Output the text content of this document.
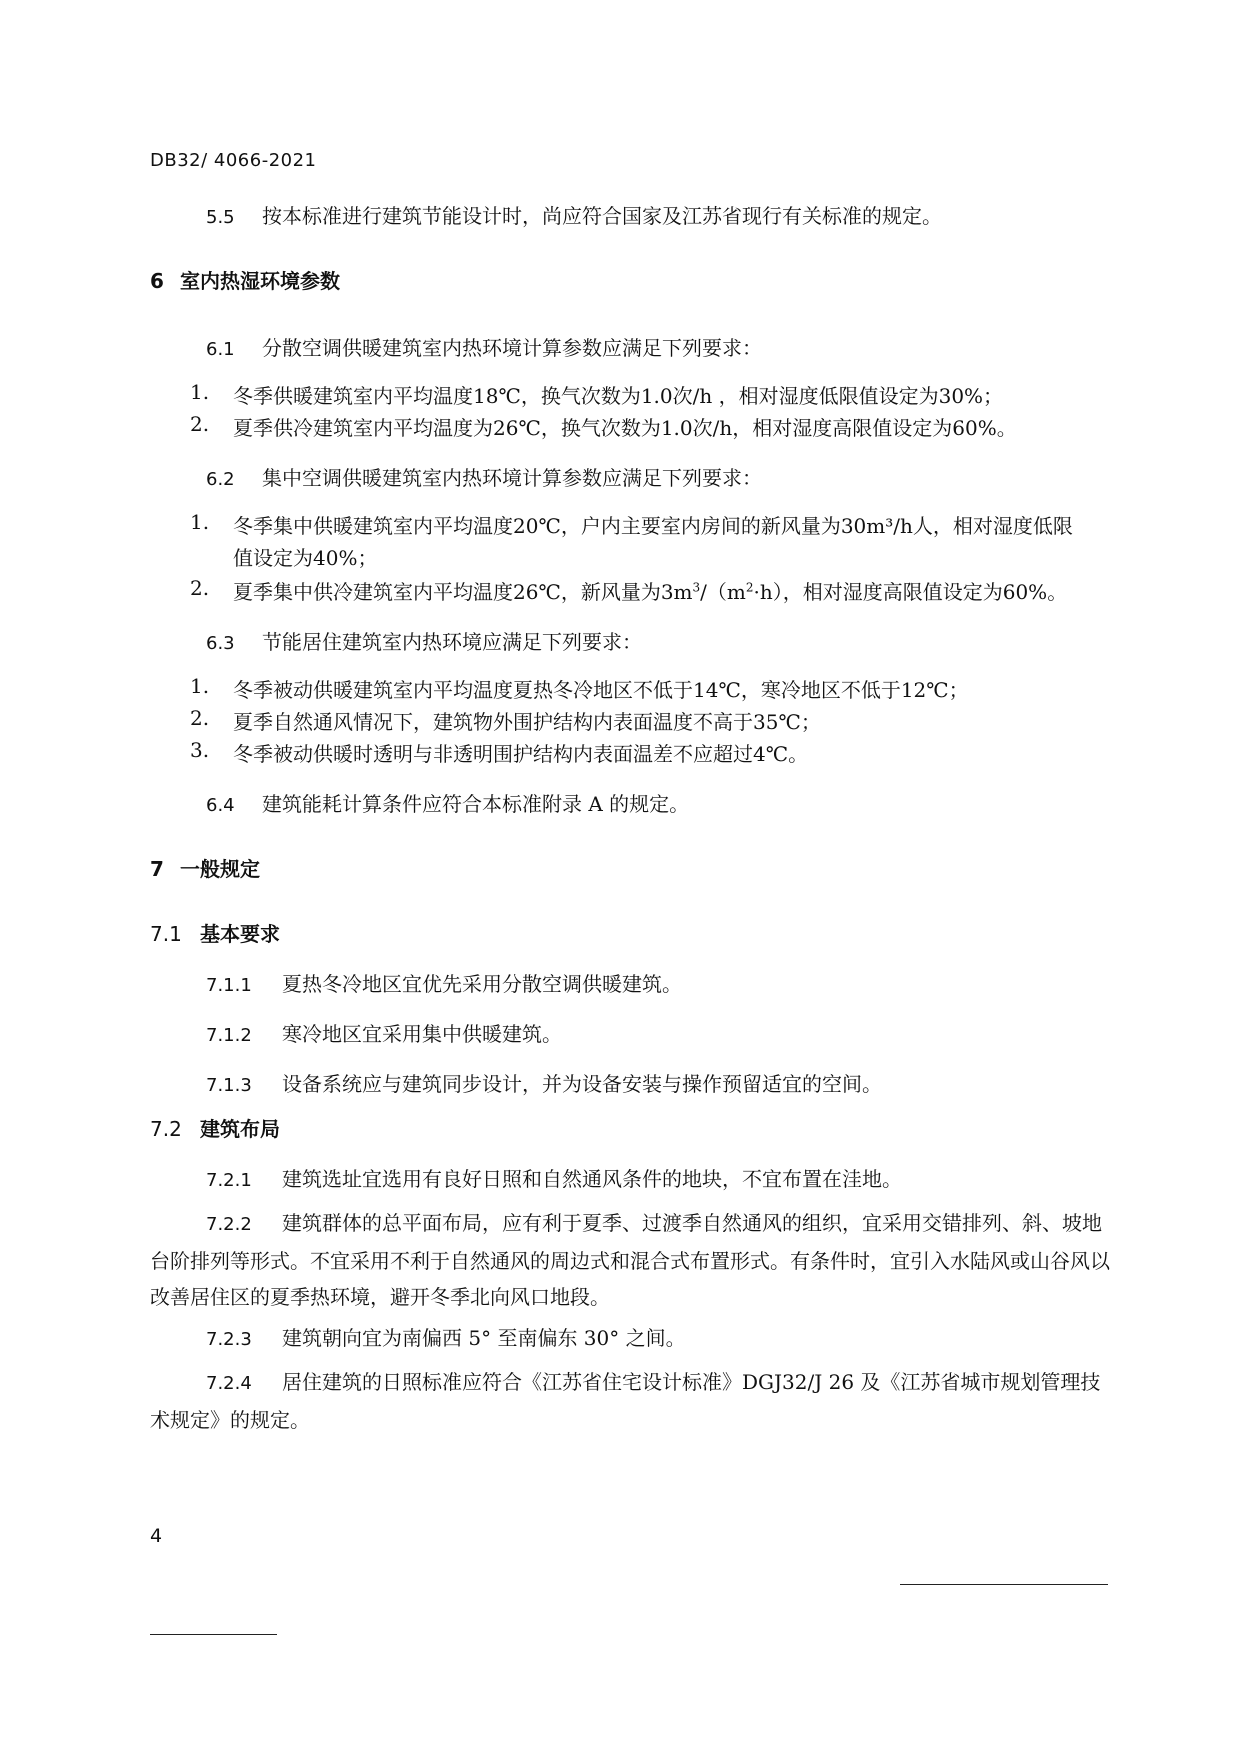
DB32/ 4066-2021
5.5 按本标准进行建筑节能设计时，尚应符合国家及江苏省现行有关标准的规定。
6 室内热湿环境参数
6.1 分散空调供暖建筑室内热环境计算参数应满足下列要求：
1. 冬季供暖建筑室内平均温度18℃，换气次数为1.0次/h ，相对湿度低限值设定为30%；
2. 夏季供冷建筑室内平均温度为26℃，换气次数为1.0次/h，相对湿度高限值设定为60%。
6.2 集中空调供暖建筑室内热环境计算参数应满足下列要求：
1. 冬季集中供暖建筑室内平均温度20℃，户内主要室内房间的新风量为30m³/h人，相对湿度低限
值设定为40%；
2. 夏季集中供冷建筑室内平均温度26℃，新风量为$3m^3/(m^2\cdot h)$，相对湿度高限值设定为60%。
6.3 节能居住建筑室内热环境应满足下列要求：
1. 冬季被动供暖建筑室内平均温度夏热冬冷地区不低于14℃，寒冷地区不低于12℃；
2. 夏季自然通风情况下，建筑物外围护结构内表面温度不高于35℃；
3. 冬季被动供暖时透明与非透明围护结构内表面温差不应超过4℃。
6.4 建筑能耗计算条件应符合本标准附录 A 的规定。
7 一般规定
7.1 基本要求
7.1.1 夏热冬冷地区宜优先采用分散空调供暖建筑。
7.1.2 寒冷地区宜采用集中供暖建筑。
7.1.3 设备系统应与建筑同步设计，并为设备安装与操作预留适宜的空间。
7.2 建筑布局
7.2.1 建筑选址宜选用有良好日照和自然通风条件的地块，不宜布置在洼地。
7.2.2 建筑群体的总平面布局，应有利于夏季、过渡季自然通风的组织，宜采用交错排列、斜、坡地台阶排列等形式。不宜采用不利于自然通风的周边式和混合式布置形式。有条件时，宜引入水陆风或山谷风以改善居住区的夏季热环境，避开冬季北向风口地段。
7.2.3 建筑朝向宜为南偏西 5° 至南偏东 30° 之间。
7.2.4 居住建筑的日照标准应符合《江苏省住宅设计标准》DGJ32/J 26 及《江苏省城市规划管理技术规定》的规定。
4
